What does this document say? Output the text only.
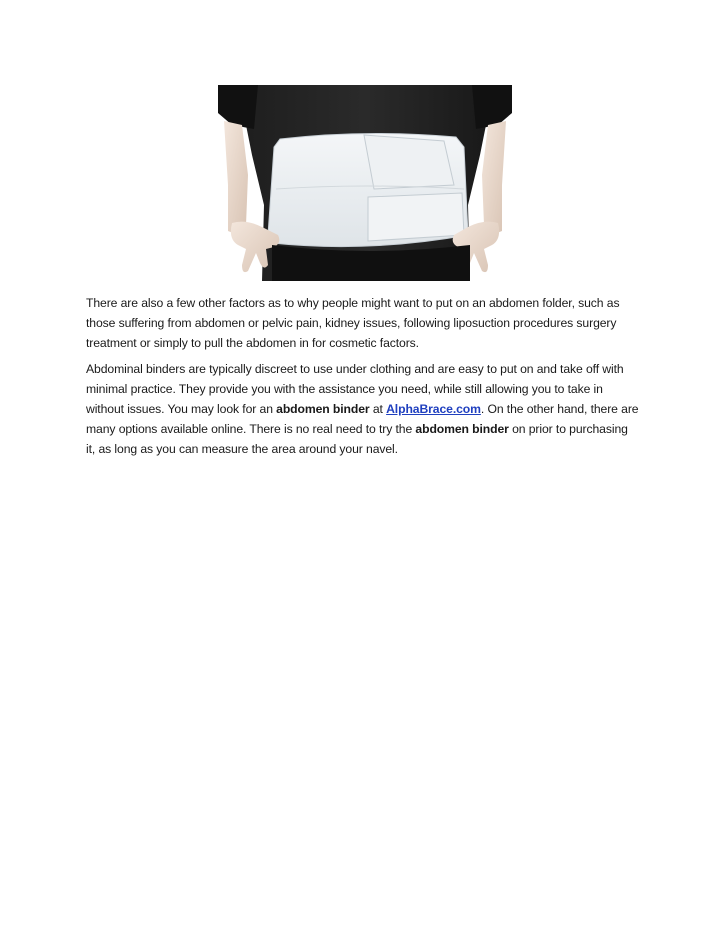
There are also a few other factors as to why people might want to put on an abdomen folder, such as
those suffering from abdomen or pelvic pain, kidney issues, following liposuction procedures surgery
treatment or simply to pull the abdomen in for cosmetic factors.

Abdominal binders are typically discreet to use under clothing and are easy to put on and take off with
minimal practice. They provide you with the assistance you need, while still allowing you to take in
without issues. You may look for an abdomen binder at AlphaBrace.com. On the other hand, there are
many options available online. There is no real need to try the abdomen binder on prior to purchasing
it, as long as you can measure the area around your navel.
